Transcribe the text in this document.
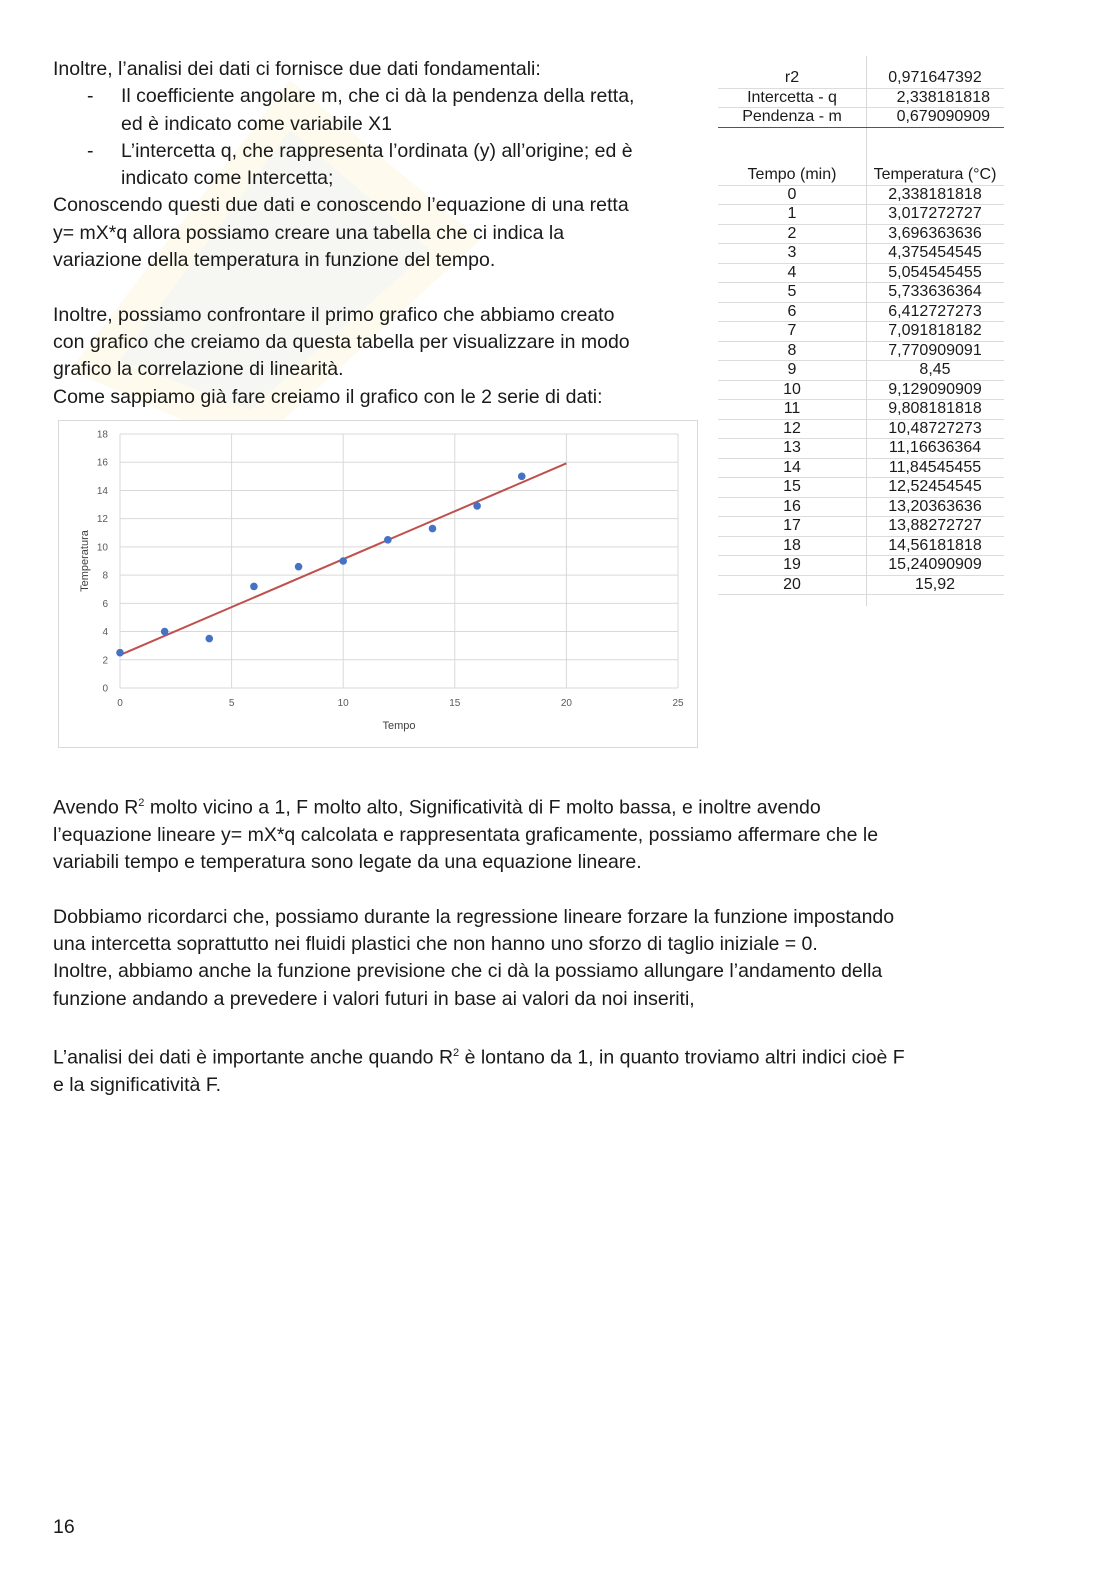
Inoltre, l’analisi dei dati ci fornisce due dati fondamentali:

-	Il coefficiente angolare m, che ci dà la pendenza della retta,
ed è indicato come variabile X1
-	L’intercetta q, che rappresenta l’ordinata (y) all’origine; ed è
indicato come Intercetta;

Conoscendo questi due dati e conoscendo l’equazione di una retta

y= mX*q allora possiamo creare una tabella che ci indica la

variazione della temperatura in funzione del tempo.

Inoltre, possiamo confrontare il primo grafico che abbiamo creato

con grafico che creiamo da questa tabella per visualizzare in modo

grafico la correlazione di linearità.

Come sappiamo già fare creiamo il grafico con le 2 serie di dati:

r2	0,971647392
Intercetta - q	2,338181818
Pendenza - m	0,679090909
Tempo (min)	Temperatura (°C)
0	2,338181818
1	3,017272727
2	3,696363636
3	4,375454545
4	5,054545455
5	5,733636364
6	6,412727273
7	7,091818182
8	7,770909091
9	8,45
10	9,129090909
11	9,808181818
12	10,48727273
13	11,16636364
14	11,84545455
15	12,52454545
16	13,20363636
17	13,88272727
18	14,56181818
19	15,24090909
20	15,92
0
2
4
6
8
10
12
14
16
18
0	5	10	15	20	25
Tempo
Temperatura

Avendo $R^2$ molto vicino a 1, F molto alto, Significatività di F molto bassa, e inoltre avendo

l’equazione lineare y= mX*q calcolata e rappresentata graficamente, possiamo affermare che le

variabili tempo e temperatura sono legate da una equazione lineare.

Dobbiamo ricordarci che, possiamo durante la regressione lineare forzare la funzione impostando

una intercetta soprattutto nei fluidi plastici che non hanno uno sforzo di taglio iniziale = 0.

Inoltre, abbiamo anche la funzione previsione che ci dà la possiamo allungare l’andamento della

funzione andando a prevedere i valori futuri in base ai valori da noi inseriti,

L’analisi dei dati è importante anche quando $R^2$ è lontano da 1, in quanto troviamo altri indici cioè F

e la significatività F.

16
